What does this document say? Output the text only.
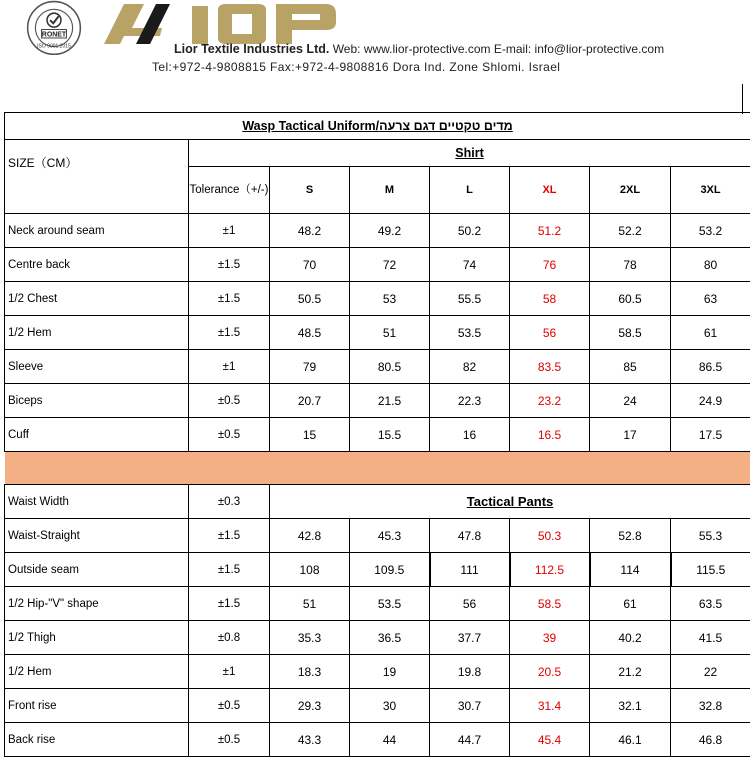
RONET
ISO 9001:2015
LIOR
Lior Textile Industries Ltd. Web: www.lior-protective.com E-mail: info@lior-protective.com
Tel:+972-4-9808815 Fax:+972-4-9808816 Dora Ind. Zone Shlomi. Israel
Wasp Tactical Uniform/מדים טקטיים דגם צרעה							
SIZE（CM）	Shirt						
	Tolerance（+/-)	S	M	L	XL	2XL	3XL
Neck around seam	±1	48.2	49.2	50.2	51.2	52.2	53.2
Centre back	±1.5	70	72	74	76	78	80
1/2 Chest	±1.5	50.5	53	55.5	58	60.5	63
1/2 Hem	±1.5	48.5	51	53.5	56	58.5	61
Sleeve	±1	79	80.5	82	83.5	85	86.5
Biceps	±0.5	20.7	21.5	22.3	23.2	24	24.9
Cuff	±0.5	15	15.5	16	16.5	17	17.5

Waist Width	±0.3	Tactical Pants					
Waist-Straight	±1.5	42.8	45.3	47.8	50.3	52.8	55.3
Outside seam	±1.5	108	109.5	111	112.5	114	115.5
1/2 Hip-"V" shape	±1.5	51	53.5	56	58.5	61	63.5
1/2 Thigh	±0.8	35.3	36.5	37.7	39	40.2	41.5
1/2 Hem	±1	18.3	19	19.8	20.5	21.2	22
Front rise	±0.5	29.3	30	30.7	31.4	32.1	32.8
Back rise	±0.5	43.3	44	44.7	45.4	46.1	46.8
